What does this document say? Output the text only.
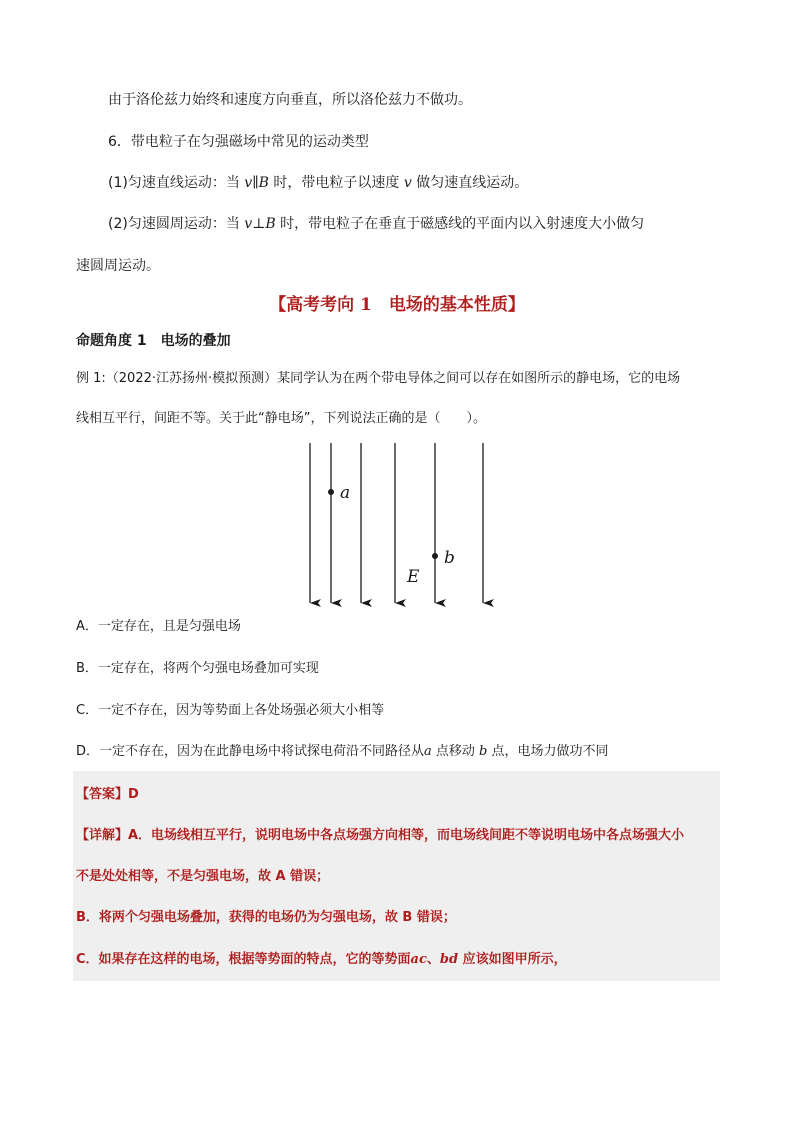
由于洛伦兹力始终和速度方向垂直，所以洛伦兹力不做功。
6．带电粒子在匀强磁场中常见的运动类型
(1)匀速直线运动：当 v∥B 时，带电粒子以速度 v 做匀速直线运动。
(2)匀速圆周运动：当 v⊥B 时，带电粒子在垂直于磁感线的平面内以入射速度大小做匀
速圆周运动。
【高考考向 1　电场的基本性质】
命题角度 1　电场的叠加
例 1:（2022·江苏扬州·模拟预测）某同学认为在两个带电导体之间可以存在如图所示的静电场，它的电场
线相互平行，间距不等。关于此“静电场”，下列说法正确的是（　　）。
a
b
E
A．一定存在，且是匀强电场
B．一定存在，将两个匀强电场叠加可实现
C．一定不存在，因为等势面上各处场强必须大小相等
D．一定不存在，因为在此静电场中将试探电荷沿不同路径从a 点移动 b 点，电场力做功不同
【答案】D
【详解】A．电场线相互平行，说明电场中各点场强方向相等，而电场线间距不等说明电场中各点场强大小
不是处处相等，不是匀强电场，故 A 错误；
B．将两个匀强电场叠加，获得的电场仍为匀强电场，故 B 错误；
C．如果存在这样的电场，根据等势面的特点，它的等势面ac、bd 应该如图甲所示，
